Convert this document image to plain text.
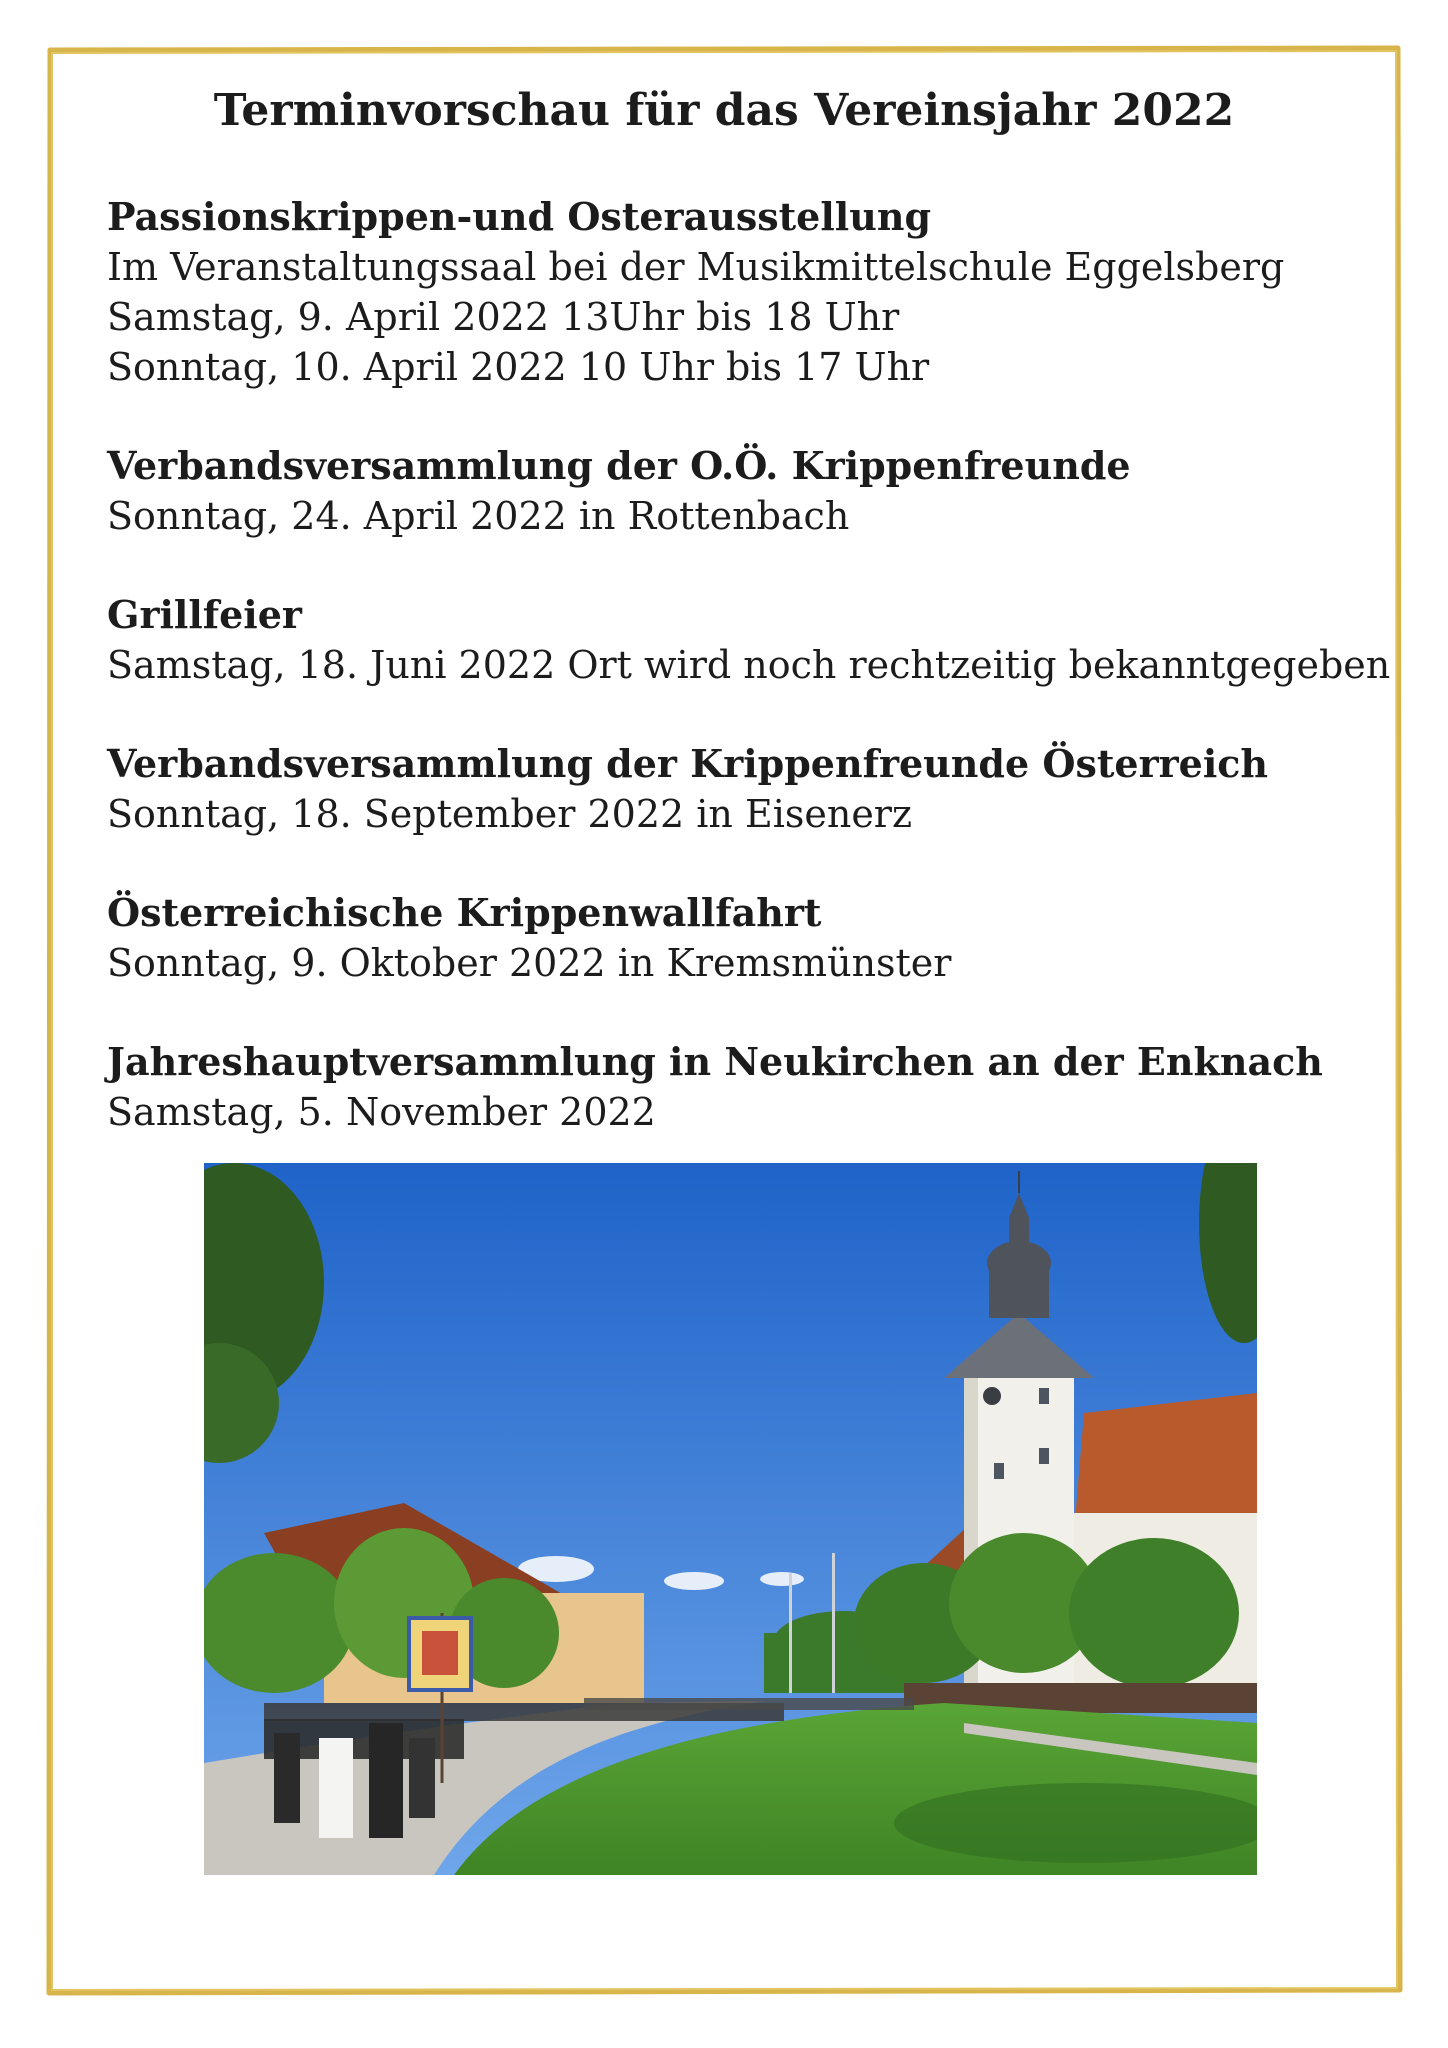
Terminvorschau für das Vereinsjahr 2022

Passionskrippen-und Osterausstellung

Im Veranstaltungssaal bei der Musikmittelschule Eggelsberg

Samstag, 9. April 2022 13Uhr bis 18 Uhr

Sonntag, 10. April 2022 10 Uhr bis 17 Uhr

Verbandsversammlung der O.Ö. Krippenfreunde

Sonntag, 24. April 2022 in Rottenbach

Grillfeier

Samstag, 18. Juni 2022 Ort wird noch rechtzeitig bekanntgegeben

Verbandsversammlung der Krippenfreunde Österreich

Sonntag, 18. September 2022 in Eisenerz

Österreichische Krippenwallfahrt

Sonntag, 9. Oktober 2022 in Kremsmünster

Jahreshauptversammlung in Neukirchen an der Enknach

Samstag, 5. November 2022
